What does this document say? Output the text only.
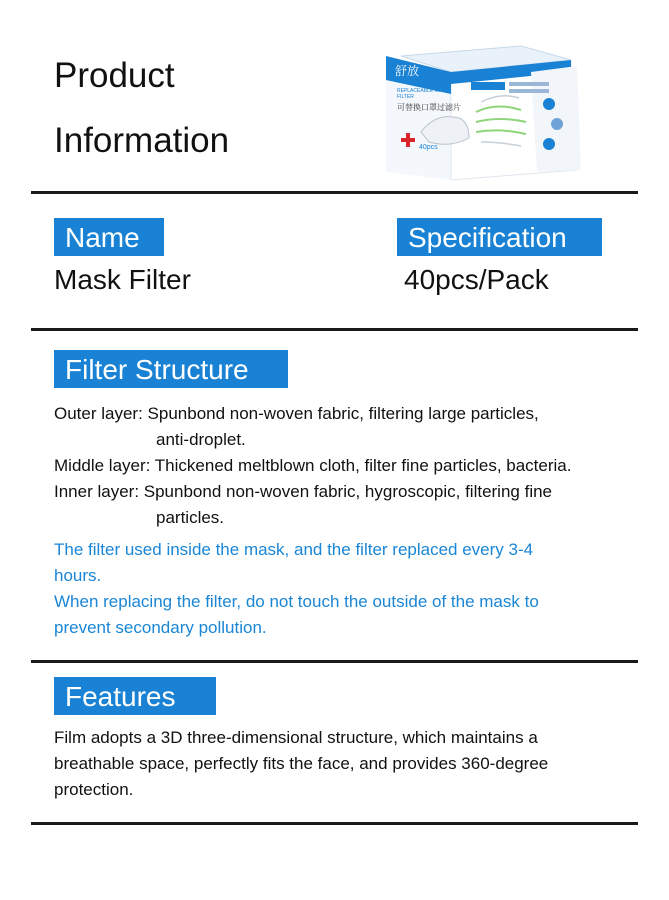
Product
Information
舒放
REPLACEABLE MASK FILTER
可替换口罩过滤片
40pcs
Name
Mask Filter
Specification
40pcs/Pack
Filter Structure
Outer layer: Spunbond non-woven fabric, filtering large particles,
anti-droplet.
Middle layer: Thickened meltblown cloth, filter fine particles, bacteria.
Inner layer: Spunbond non-woven fabric, hygroscopic, filtering fine
particles.
The filter used inside the mask, and the filter replaced every 3-4
hours.
When replacing the filter, do not touch the outside of the mask to
prevent secondary pollution.
Features
Film adopts a 3D three-dimensional structure, which maintains a
breathable space, perfectly fits the face, and provides 360-degree
protection.
